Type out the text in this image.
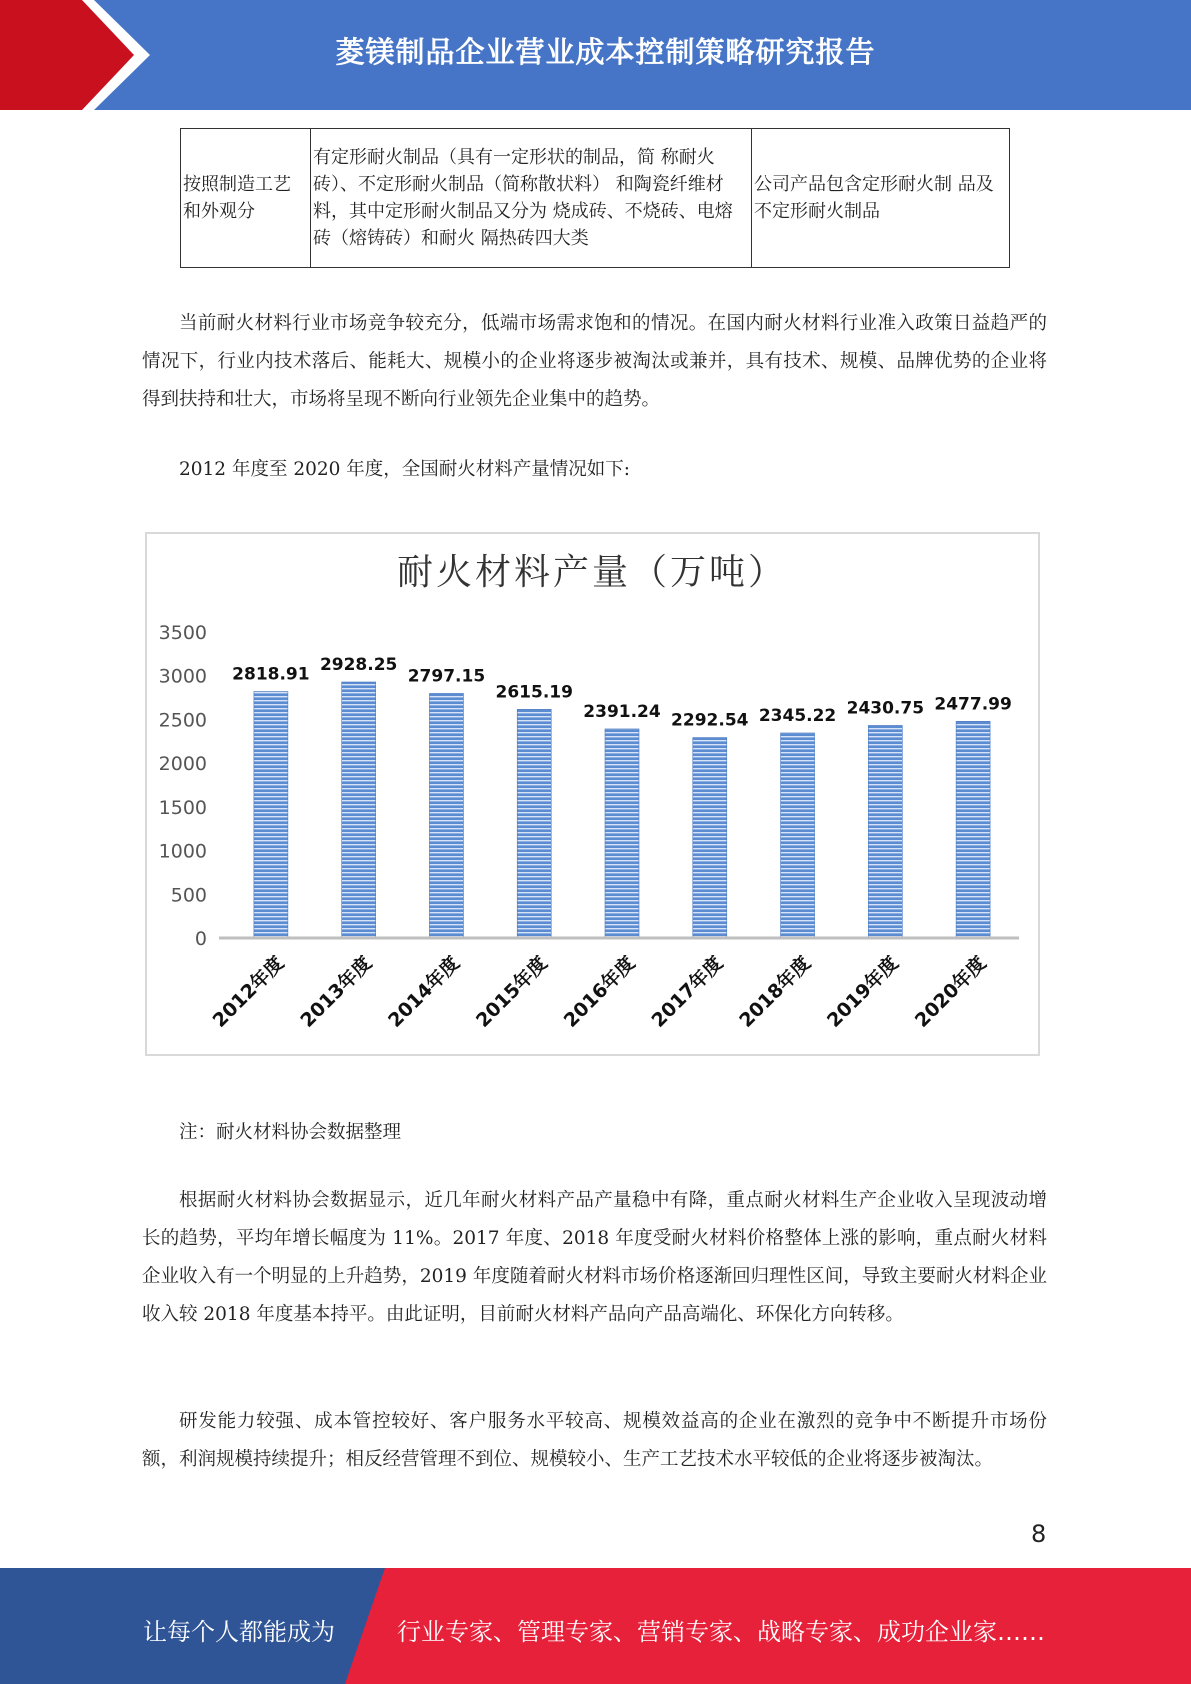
菱镁制品企业营业成本控制策略研究报告
按照制造工艺和外观分	有定形耐火制品（具有一定形状的制品，简 称耐火砖）、不定形耐火制品（简称散状料） 和陶瓷纤维材料，其中定形耐火制品又分为 烧成砖、不烧砖、电熔砖（熔铸砖）和耐火 隔热砖四大类	公司产品包含定形耐火制 品及不定形耐火制品

当前耐火材料行业市场竞争较充分，低端市场需求饱和的情况。在国内耐火材料行业准入政策日益趋严的情况下，行业内技术落后、能耗大、规模小的企业将逐步被淘汰或兼并，具有技术、规模、品牌优势的企业将得到扶持和壮大，市场将呈现不断向行业领先企业集中的趋势。

2012 年度至 2020 年度，全国耐火材料产量情况如下:

耐火材料产量（万吨）
0
500
1000
1500
2000
2500
3000
3500
2818.91 2928.25
2797.15
2615.19
2391.24 2292.54 2345.22 2430.75 2477.99
2012年度 2013年度 2014年度 2015年度 2016年度 2017年度 2018年度 2019年度 2020年度

注：耐火材料协会数据整理

根据耐火材料协会数据显示，近几年耐火材料产品产量稳中有降，重点耐火材料生产企业收入呈现波动增长的趋势，平均年增长幅度为 11%。2017 年度、2018 年度受耐火材料价格整体上涨的影响，重点耐火材料企业收入有一个明显的上升趋势，2019 年度随着耐火材料市场价格逐渐回归理性区间，导致主要耐火材料企业收入较 2018 年度基本持平。由此证明，目前耐火材料产品向产品高端化、环保化方向转移。

研发能力较强、成本管控较好、客户服务水平较高、规模效益高的企业在激烈的竞争中不断提升市场份额，利润规模持续提升；相反经营管理不到位、规模较小、生产工艺技术水平较低的企业将逐步被淘汰。

8
让每个人都能成为	行业专家、管理专家、营销专家、战略专家、成功企业家……
